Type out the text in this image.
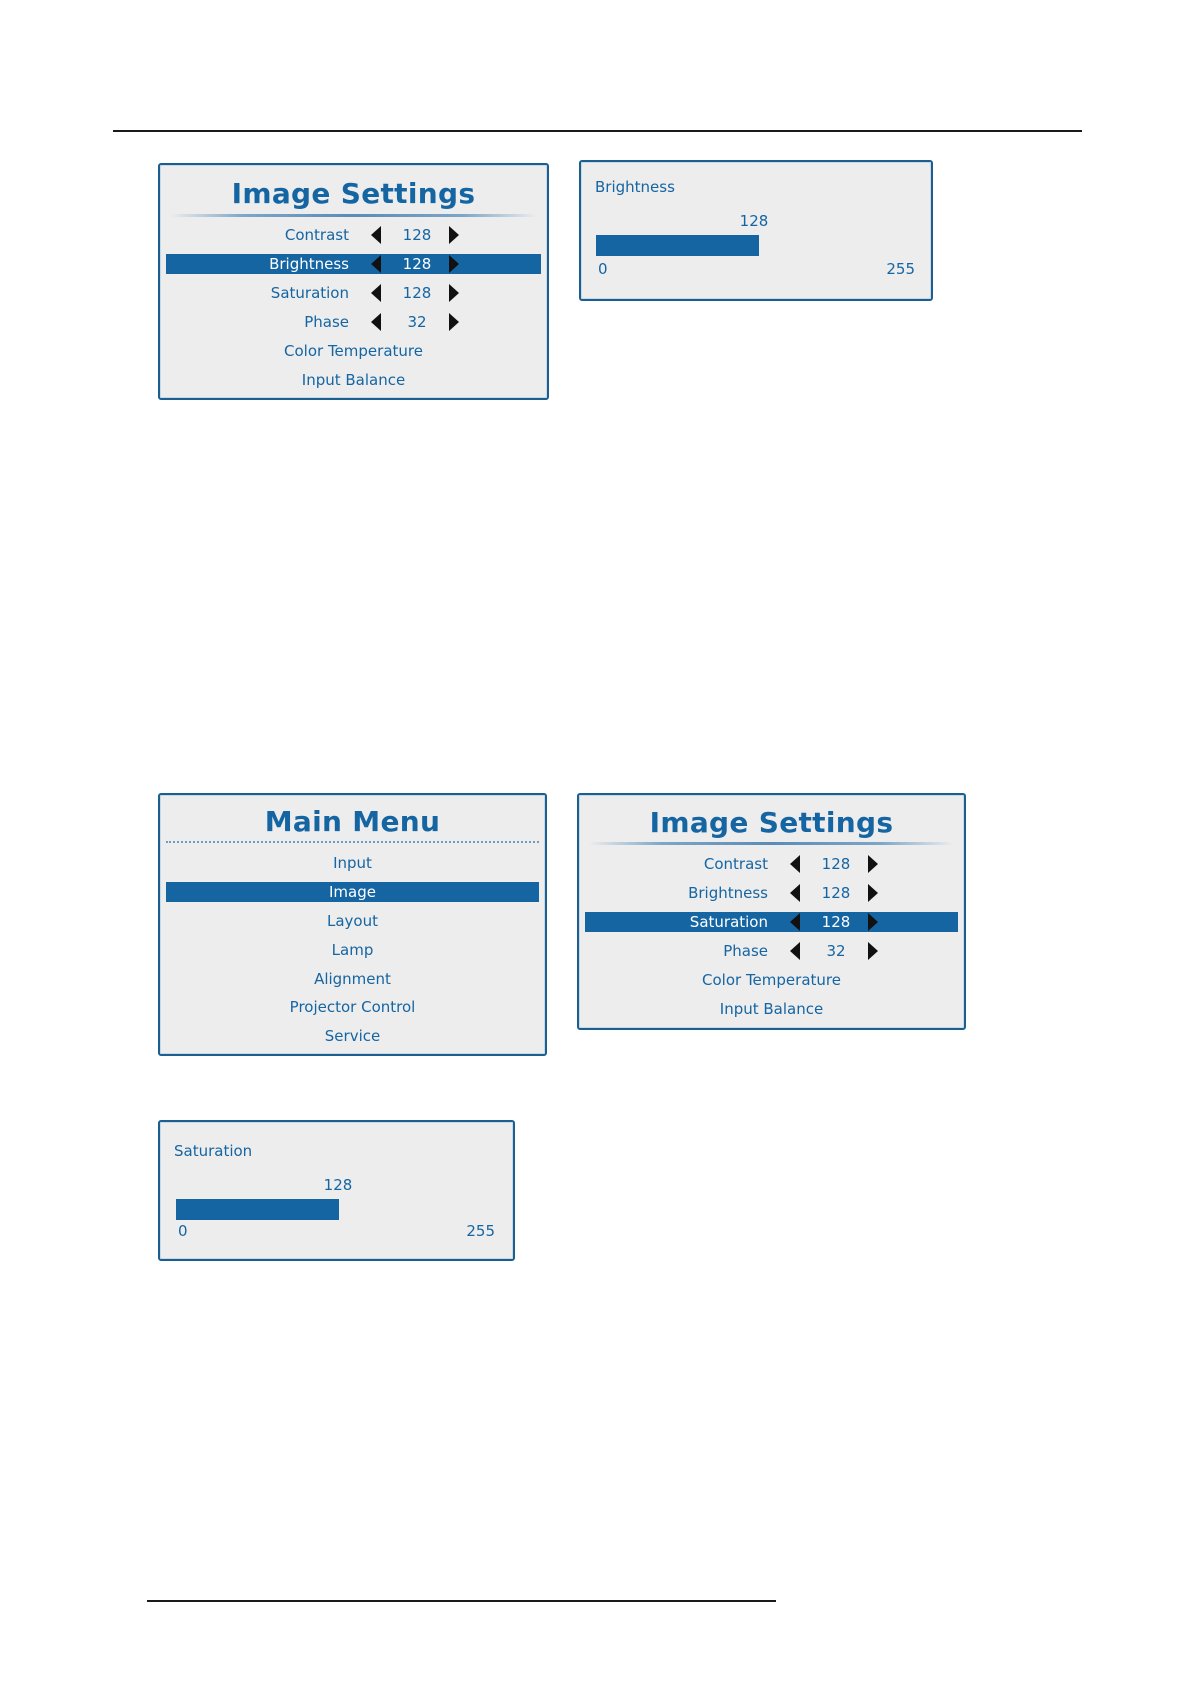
Image Settings
Contrast	128
Brightness	128
Saturation	128
Phase	32
Color Temperature
Input Balance
Brightness
128
0	255
Main Menu
Input
Image
Layout
Lamp
Alignment
Projector Control
Service
Image Settings
Contrast	128
Brightness	128
Saturation	128
Phase	32
Color Temperature
Input Balance
Saturation
128
0	255
